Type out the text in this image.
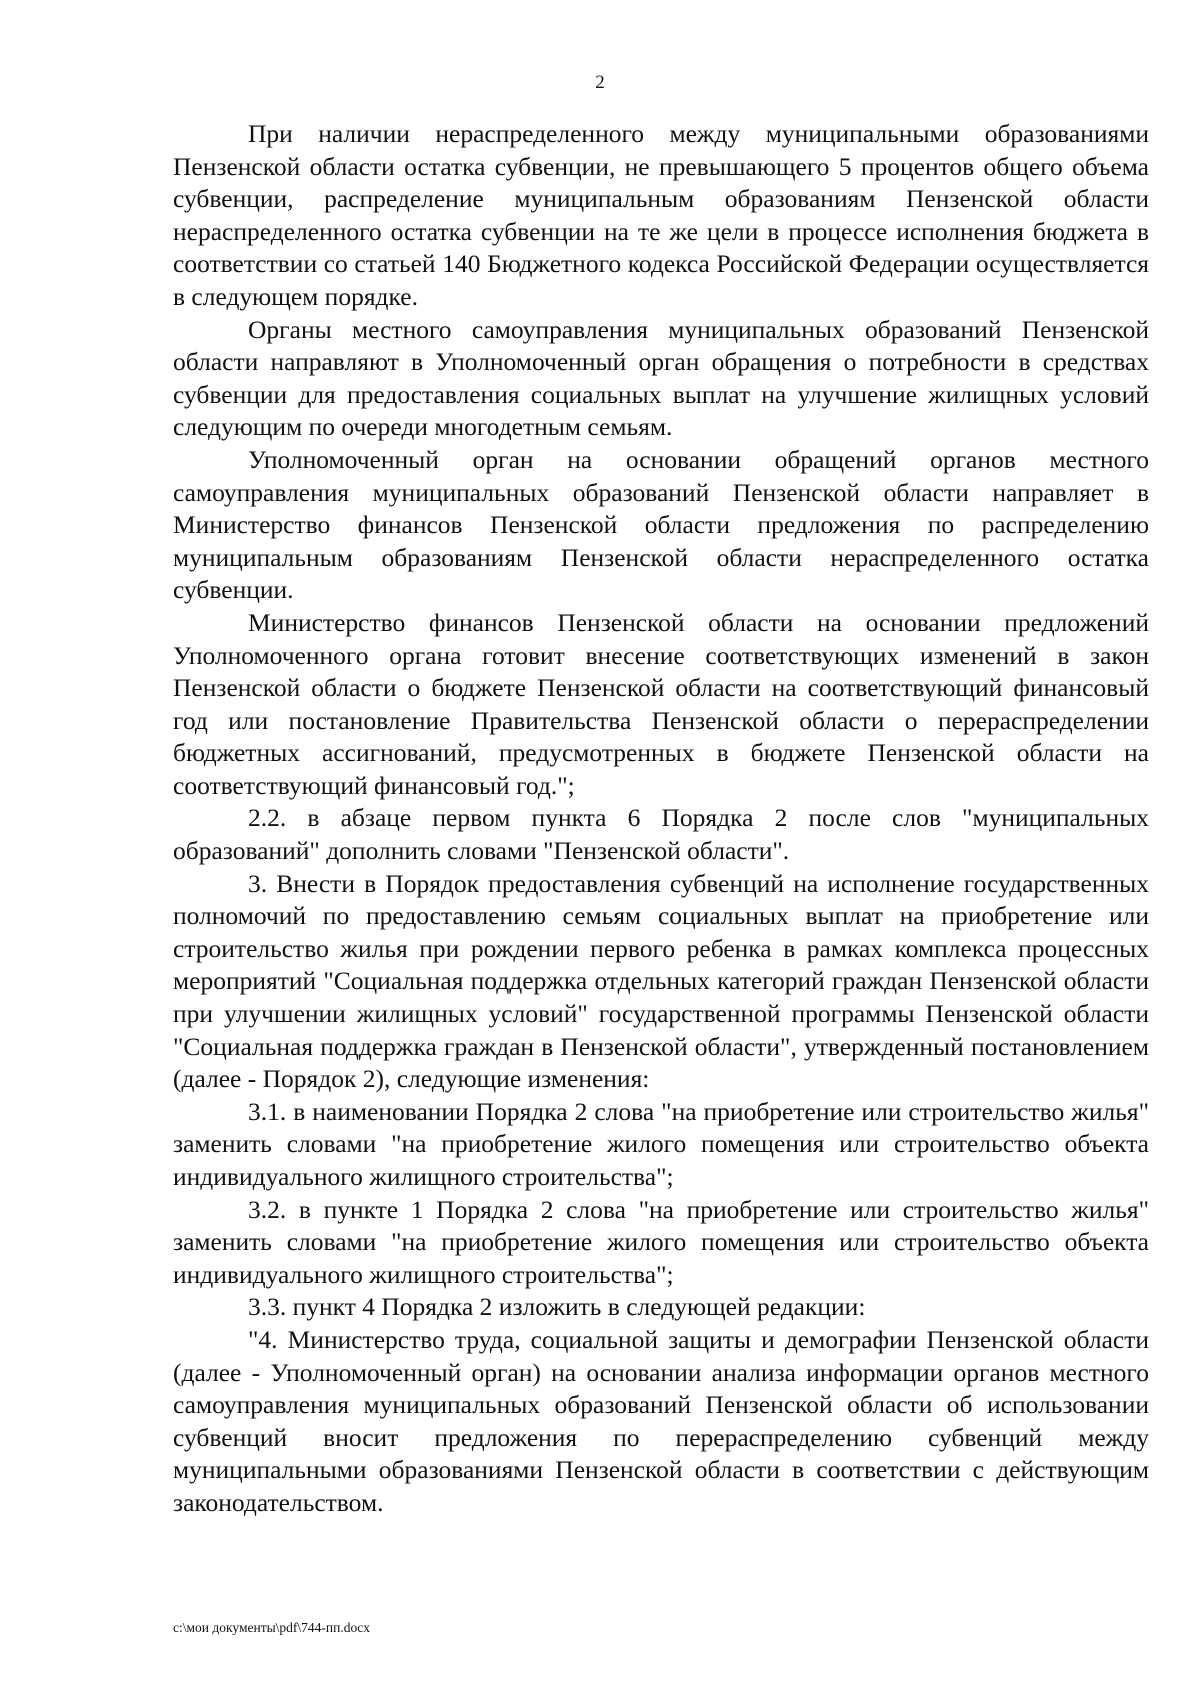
2

При наличии нераспределенного между муниципальными образованиями Пензенской области остатка субвенции, не превышающего 5 процентов общего объема субвенции, распределение муниципальным образованиям Пензенской области нераспределенного остатка субвенции на те же цели в процессе исполнения бюджета в соответствии со статьей 140 Бюджетного кодекса Российской Федерации осуществляется в следующем порядке.

Органы местного самоуправления муниципальных образований Пензенской области направляют в Уполномоченный орган обращения о потребности в средствах субвенции для предоставления социальных выплат на улучшение жилищных условий следующим по очереди многодетным семьям.

Уполномоченный орган на основании обращений органов местного самоуправления муниципальных образований Пензенской области направляет в Министерство финансов Пензенской области предложения по распределению муниципальным образованиям Пензенской области нераспределенного остатка субвенции.

Министерство финансов Пензенской области на основании предложений Уполномоченного органа готовит внесение соответствующих изменений в закон Пензенской области о бюджете Пензенской области на соответствующий финансовый год или постановление Правительства Пензенской области о перераспределении бюджетных ассигнований, предусмотренных в бюджете Пензенской области на соответствующий финансовый год.";

2.2. в абзаце первом пункта 6 Порядка 2 после слов "муниципальных образований" дополнить словами "Пензенской области".

3. Внести в Порядок предоставления субвенций на исполнение государственных полномочий по предоставлению семьям социальных выплат на приобретение или строительство жилья при рождении первого ребенка в рамках комплекса процессных мероприятий "Социальная поддержка отдельных категорий граждан Пензенской области при улучшении жилищных условий" государственной программы Пензенской области "Социальная поддержка граждан в Пензенской области", утвержденный постановлением (далее - Порядок 2), следующие изменения:

3.1. в наименовании Порядка 2 слова "на приобретение или строительство жилья" заменить словами "на приобретение жилого помещения или строительство объекта индивидуального жилищного строительства";

3.2. в пункте 1 Порядка 2 слова "на приобретение или строительство жилья" заменить словами "на приобретение жилого помещения или строительство объекта индивидуального жилищного строительства";

3.3. пункт 4 Порядка 2 изложить в следующей редакции:

"4. Министерство труда, социальной защиты и демографии Пензенской области (далее - Уполномоченный орган) на основании анализа информации органов местного самоуправления муниципальных образований Пензенской области об использовании субвенций вносит предложения по перераспределению субвенций между муниципальными образованиями Пензенской области в соответствии с действующим законодательством.

c:\мои документы\pdf\744-пп.docx
